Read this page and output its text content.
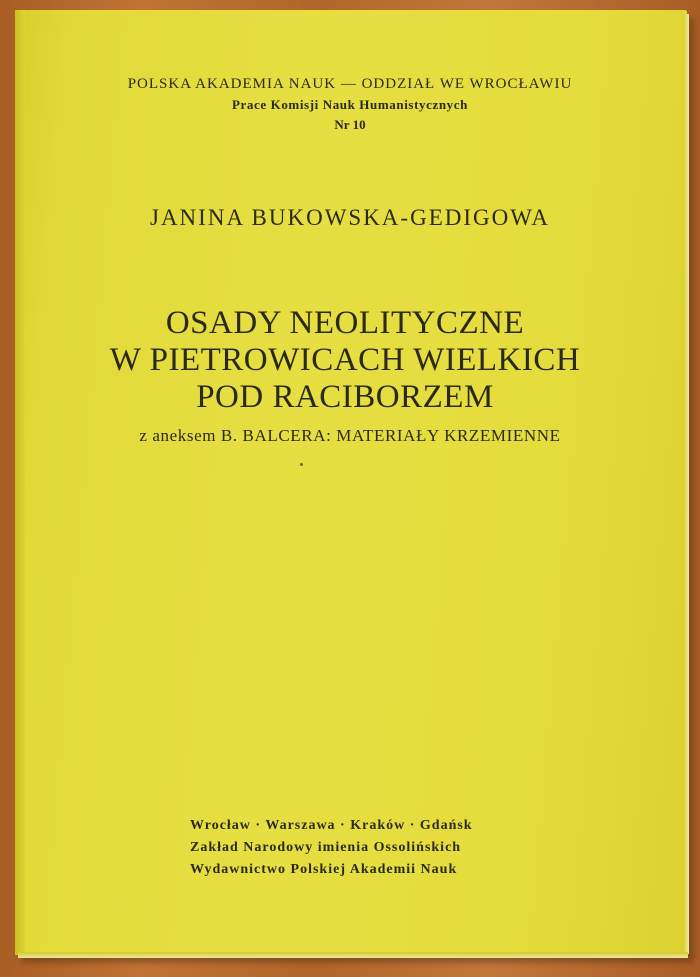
POLSKA AKADEMIA NAUK — ODDZIAŁ WE WROCŁAWIU
Prace Komisji Nauk Humanistycznych
Nr 10
JANINA BUKOWSKA-GEDIGOWA
OSADY NEOLITYCZNE
W PIETROWICACH WIELKICH
POD RACIBORZEM
z aneksem B. BALCERA: MATERIAŁY KRZEMIENNE
Wrocław · Warszawa · Kraków · Gdańsk
Zakład Narodowy imienia Ossolińskich
Wydawnictwo Polskiej Akademii Nauk
